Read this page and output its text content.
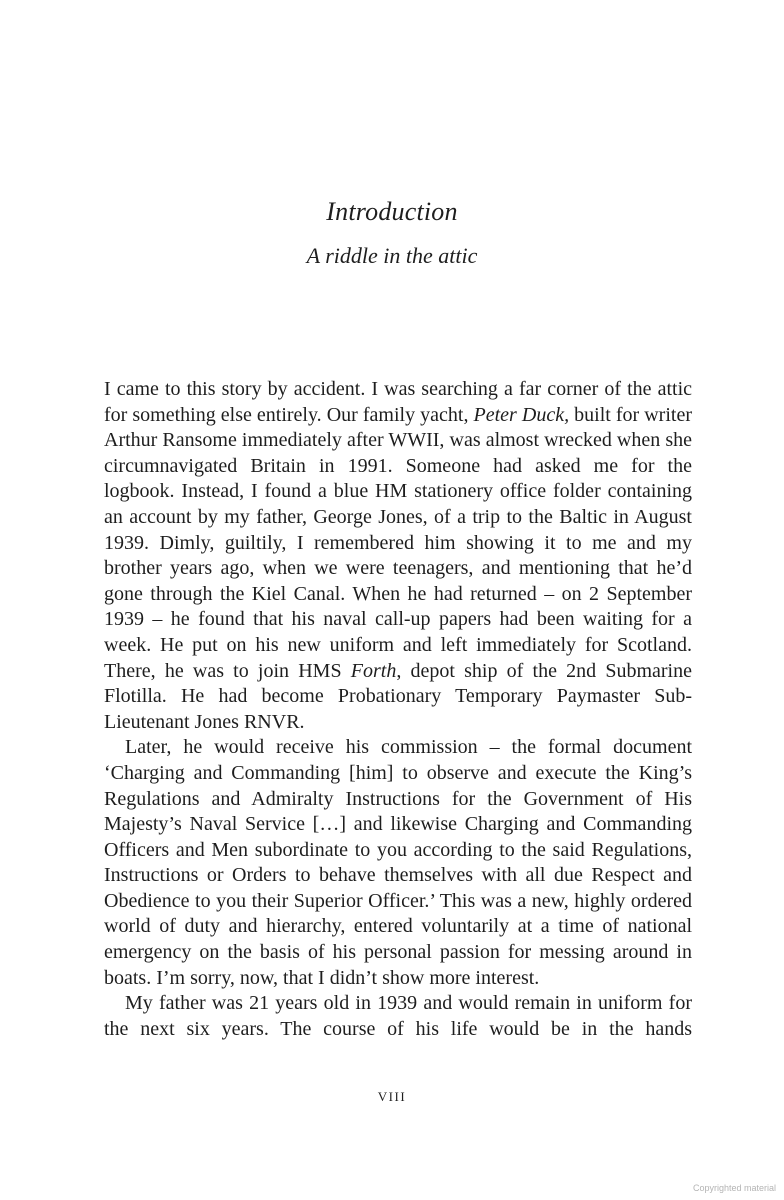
Introduction
A riddle in the attic

I came to this story by accident. I was searching a far corner of the attic for something else entirely. Our family yacht, Peter Duck, built for writer Arthur Ransome immediately after WWII, was almost wrecked when she circumnavigated Britain in 1991. Someone had asked me for the logbook. Instead, I found a blue HM stationery office folder containing an account by my father, George Jones, of a trip to the Baltic in August 1939. Dimly, guiltily, I remembered him showing it to me and my brother years ago, when we were teenagers, and mentioning that he’d gone through the Kiel Canal. When he had returned – on 2 September 1939 – he found that his naval call-up papers had been waiting for a week. He put on his new uniform and left immediately for Scotland. There, he was to join HMS Forth, depot ship of the 2nd Submarine Flotilla. He had become Probationary Temporary Paymaster Sub-Lieutenant Jones RNVR.

Later, he would receive his commission – the formal document ‘Charging and Commanding [him] to observe and execute the King’s Regulations and Admiralty Instructions for the Government of His Majesty’s Naval Service […] and likewise Charging and Commanding Officers and Men subordinate to you according to the said Regulations, Instructions or Orders to behave themselves with all due Respect and Obedience to you their Superior Officer.’ This was a new, highly ordered world of duty and hierarchy, entered voluntarily at a time of national emergency on the basis of his personal passion for messing around in boats. I’m sorry, now, that I didn’t show more interest.

My father was 21 years old in 1939 and would remain in uniform for the next six years. The course of his life would be in the hands

VIII
Copyrighted material
